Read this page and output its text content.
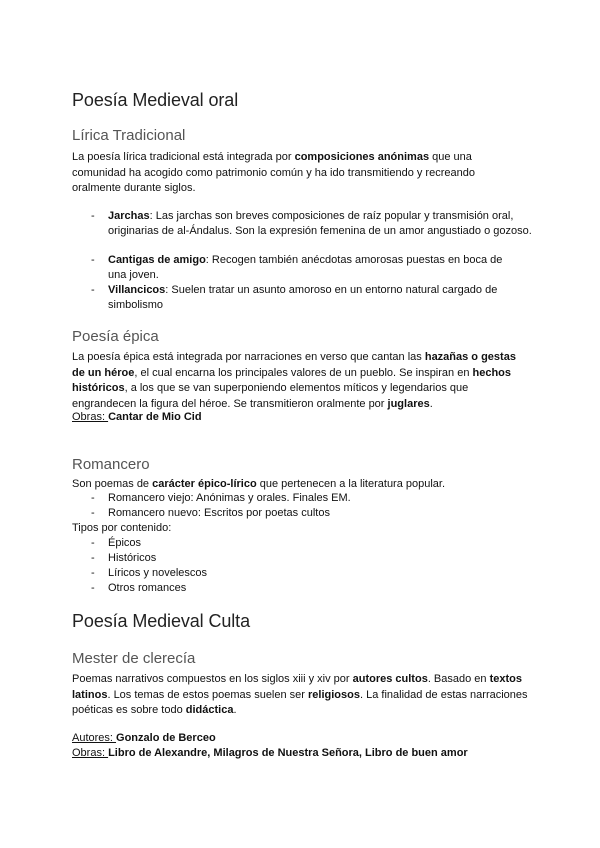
Poesía Medieval oral
Lírica Tradicional
La poesía lírica tradicional está integrada por composiciones anónimas que una comunidad ha acogido como patrimonio común y ha ido transmitiendo y recreando oralmente durante siglos.
- Jarchas: Las jarchas son breves composiciones de raíz popular y transmisión oral, originarias de al-Ándalus. Son la expresión femenina de un amor angustiado o gozoso.
- Cantigas de amigo: Recogen también anécdotas amorosas puestas en boca de una joven.
- Villancicos: Suelen tratar un asunto amoroso en un entorno natural cargado de simbolismo
Poesía épica
La poesía épica está integrada por narraciones en verso que cantan las hazañas o gestas de un héroe, el cual encarna los principales valores de un pueblo. Se inspiran en hechos históricos, a los que se van superponiendo elementos míticos y legendarios que engrandecen la figura del héroe. Se transmitieron oralmente por juglares.
Obras: Cantar de Mio Cid
Romancero
Son poemas de carácter épico-lírico que pertenecen a la literatura popular.
- Romancero viejo: Anónimas y orales. Finales EM.
- Romancero nuevo: Escritos por poetas cultos
Tipos por contenido:
- Épicos
- Históricos
- Líricos y novelescos
- Otros romances
Poesía Medieval Culta
Mester de clerecía
Poemas narrativos compuestos en los siglos xiii y xiv por autores cultos. Basado en textos latinos. Los temas de estos poemas suelen ser religiosos. La finalidad de estas narraciones poéticas es sobre todo didáctica.
Autores: Gonzalo de Berceo
Obras: Libro de Alexandre, Milagros de Nuestra Señora, Libro de buen amor
